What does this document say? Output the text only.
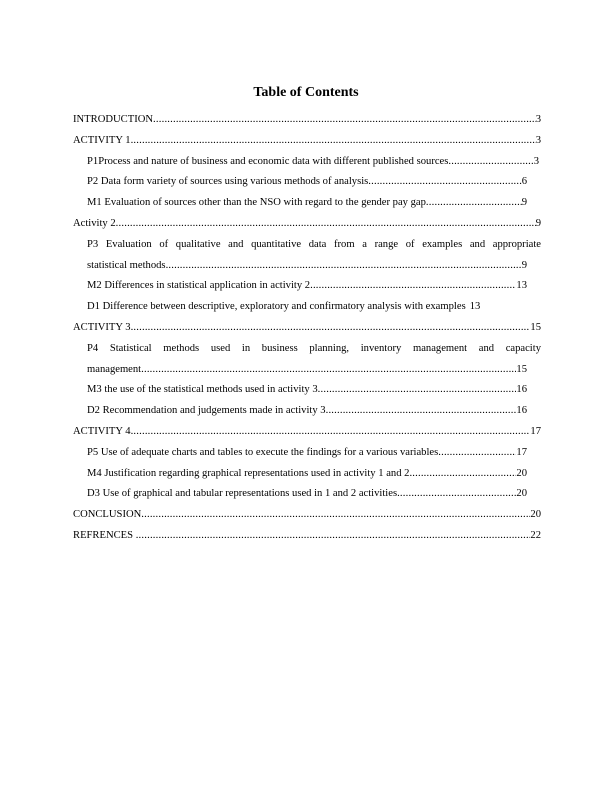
Table of Contents
INTRODUCTION .....	3
ACTIVITY 1 .....	3
P1Process and nature of business and economic data with different published sources .....	3
P2 Data form variety of sources using various methods of analysis .....	6
M1 Evaluation of sources other than the NSO with regard to the gender pay gap .....	9
Activity 2 .....	9
P3 Evaluation of qualitative and quantitative data from a range of examples and appropriate
statistical methods .....	9
M2 Differences in statistical application in activity 2 .....	13
D1 Difference between descriptive, exploratory and confirmatory analysis with examples 13
ACTIVITY 3 .....	15
P4 Statistical methods used in business planning, inventory management and capacity
management .....	15
M3 the use of the statistical methods used in activity 3 .....	16
D2 Recommendation and judgements made in activity 3 .....	16
ACTIVITY 4 .....	17
P5 Use of adequate charts and tables to execute the findings for a various variables .....	17
M4 Justification regarding graphical representations used in activity 1 and 2 .....	20
D3 Use of graphical and tabular representations used in 1 and 2 activities .....	20
CONCLUSION .....	20
REFRENCES .....	22
